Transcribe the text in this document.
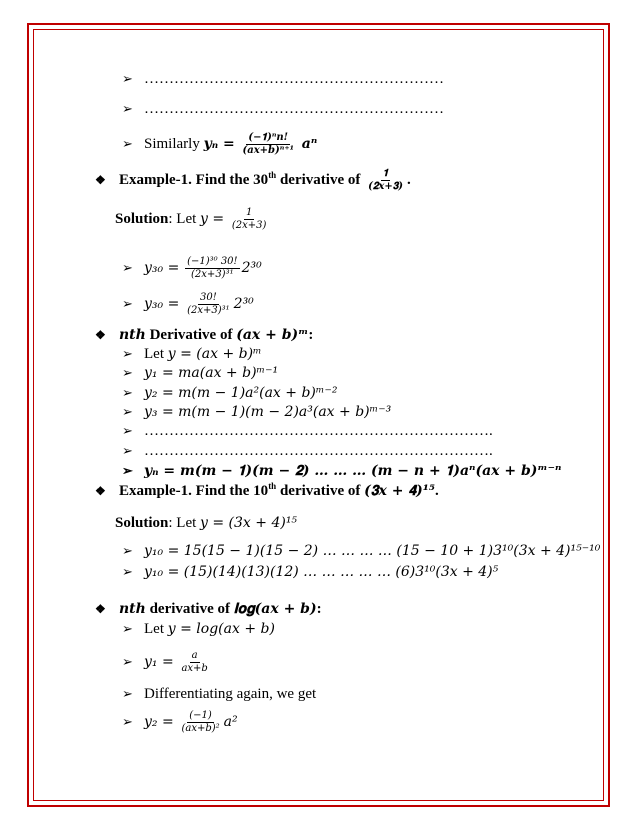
➢ ……………………………………………………
➢ ……………………………………………………
➢ Similarly 𝒚ₙ = $\frac{\text{(−𝟏)ⁿ𝒏!}}{\text{(𝒂𝒙+𝒃)ⁿ⁺¹}}$ 𝒂ⁿ
❖ Example-1. Find the 30th derivative of $\frac{𝟏}{\text{(𝟐𝒙+𝟑)}}$ .
Solution: Let 𝑦 = $\frac{1}{\text{(2𝑥+3)}}$
➢ 𝑦₃₀ = $\frac{\text{(−1)³⁰ 30!}}{\text{(2𝑥+3)³¹}} 2^{30}$
➢ 𝑦₃₀ = $\frac{30!}{\text{(2𝑥+3)³¹}} 2^{30}$
❖ 𝒏𝒕𝒉 Derivative of (𝒂𝒙 + 𝒃)ᵐ:
➢ Let 𝑦 = (𝑎𝑥 + 𝑏)ᵐ
➢ 𝑦₁ = 𝑚𝑎(𝑎𝑥 + 𝑏)ᵐ⁻¹
➢ 𝑦₂ = 𝑚(𝑚 − 1)𝑎²(𝑎𝑥 + 𝑏)ᵐ⁻²
➢ 𝑦₃ = 𝑚(𝑚 − 1)(𝑚 − 2)𝑎³(𝑎𝑥 + 𝑏)ᵐ⁻³
➢ …………………………………………………………….
➢ …………………………………………………………….
➢ 𝒚ₙ = 𝒎(𝒎 − 𝟏)(𝒎 − 𝟐) … … … (𝒎 − 𝒏 + 𝟏)𝒂ⁿ(𝒂𝒙 + 𝒃)ᵐ⁻ⁿ
❖ Example-1. Find the 10th derivative of (𝟑𝒙 + 𝟒)¹⁵.
Solution: Let 𝑦 = (3𝑥 + 4)¹⁵
➢ 𝑦₁₀ = 15(15 − 1)(15 − 2) … … … … (15 − 10 + 1)3¹⁰(3𝑥 + 4)¹⁵⁻¹⁰
➢ 𝑦₁₀ = (15)(14)(13)(12) … … … … … (6)3¹⁰(3𝑥 + 4)⁵
❖ 𝒏𝒕𝒉 derivative of 𝐥𝐨𝐠(𝒂𝒙 + 𝒃):
➢ Let 𝑦 = log(𝑎𝑥 + 𝑏)
➢ 𝑦₁ = $\frac{\text{𝑎}}{\text{𝑎𝑥+𝑏}}$
➢ Differentiating again, we get
➢ 𝑦₂ = $\frac{(-1)}{\text{(𝑎𝑥+𝑏)²}}$ 𝑎²
